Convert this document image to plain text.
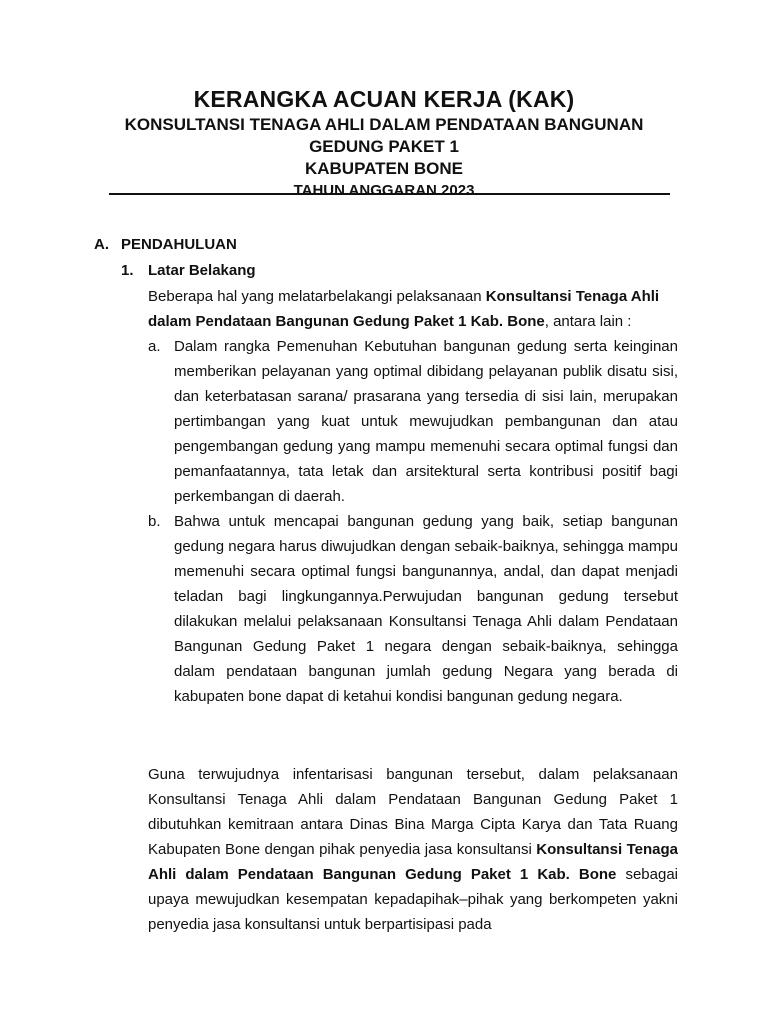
KERANGKA ACUAN KERJA (KAK)
KONSULTANSI TENAGA AHLI DALAM PENDATAAN BANGUNAN
GEDUNG PAKET 1
KABUPATEN BONE
TAHUN ANGGARAN 2023
A. PENDAHULUAN
1. Latar Belakang
Beberapa hal yang melatarbelakangi pelaksanaan Konsultansi Tenaga Ahli dalam Pendataan Bangunan Gedung Paket 1 Kab. Bone, antara lain :
a. Dalam rangka Pemenuhan Kebutuhan bangunan gedung serta keinginan memberikan pelayanan yang optimal dibidang pelayanan publik disatu sisi, dan keterbatasan sarana/ prasarana yang tersedia di sisi lain, merupakan pertimbangan yang kuat untuk mewujudkan pembangunan dan atau pengembangan gedung yang mampu memenuhi secara optimal fungsi dan pemanfaatannya, tata letak dan arsitektural serta kontribusi positif bagi perkembangan di daerah.
b. Bahwa untuk mencapai bangunan gedung yang baik, setiap bangunan gedung negara harus diwujudkan dengan sebaik-baiknya, sehingga mampu memenuhi secara optimal fungsi bangunannya, andal, dan dapat menjadi teladan bagi lingkungannya.Perwujudan bangunan gedung tersebut dilakukan melalui pelaksanaan Konsultansi Tenaga Ahli dalam Pendataan Bangunan Gedung Paket 1 negara dengan sebaik-baiknya, sehingga dalam pendataan bangunan jumlah gedung Negara yang berada di kabupaten bone dapat di ketahui kondisi bangunan gedung negara.
Guna terwujudnya infentarisasi bangunan tersebut, dalam pelaksanaan Konsultansi Tenaga Ahli dalam Pendataan Bangunan Gedung Paket 1 dibutuhkan kemitraan antara Dinas Bina Marga Cipta Karya dan Tata Ruang Kabupaten Bone dengan pihak penyedia jasa konsultansi Konsultansi Tenaga Ahli dalam Pendataan Bangunan Gedung Paket 1 Kab. Bone sebagai upaya mewujudkan kesempatan kepadapihak–pihak yang berkompeten yakni penyedia jasa konsultansi untuk berpartisipasi pada
